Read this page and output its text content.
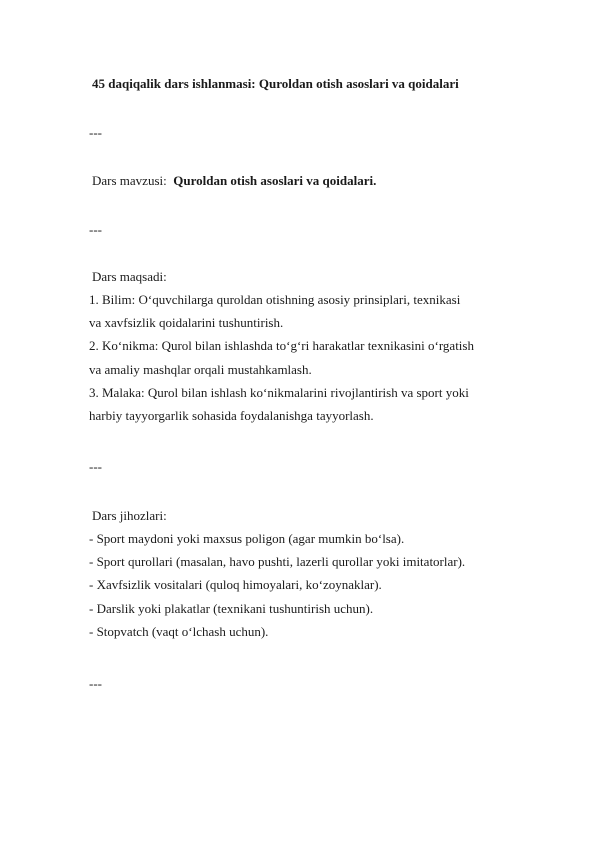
45 daqiqalik dars ishlanmasi: Quroldan otish asoslari va qoidalari
---
Dars mavzusi: Quroldan otish asoslari va qoidalari.
---
Dars maqsadi:
1. Bilim: O‘quvchilarga quroldan otishning asosiy prinsiplari, texnikasi
va xavfsizlik qoidalarini tushuntirish.
2. Ko‘nikma: Qurol bilan ishlashda to‘g‘ri harakatlar texnikasini o‘rgatish
va amaliy mashqlar orqali mustahkamlash.
3. Malaka: Qurol bilan ishlash ko‘nikmalarini rivojlantirish va sport yoki
harbiy tayyorgarlik sohasida foydalanishga tayyorlash.
---
Dars jihozlari:
- Sport maydoni yoki maxsus poligon (agar mumkin bo‘lsa).
- Sport qurollari (masalan, havo pushti, lazerli qurollar yoki imitatorlar).
- Xavfsizlik vositalari (quloq himoyalari, ko‘zoynaklar).
- Darslik yoki plakatlar (texnikani tushuntirish uchun).
- Stopvatch (vaqt o‘lchash uchun).
---
